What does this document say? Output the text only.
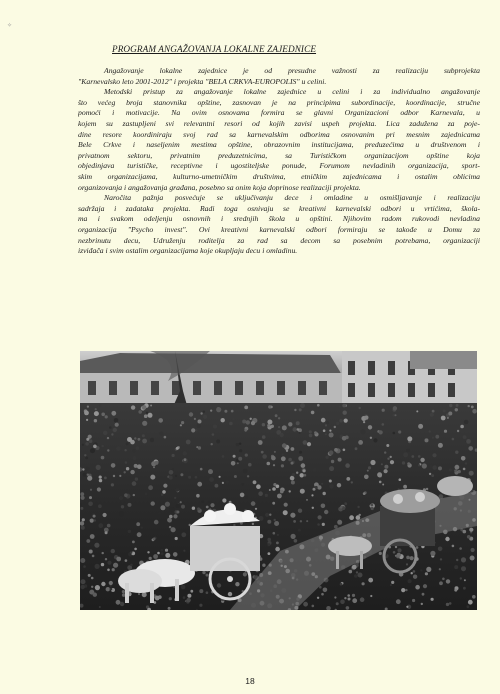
✧
PROGRAM ANGAŽOVANJA LOKALNE ZAJEDNICE
Angažovanje lokalne zajednice je od presudne važnosti za realizaciju subprojekta
"Karnevalsko leto 2001-2012" i projekta "BELA CRKVA-EUROPOLIS" u celini.
Metodski pristup za angažovanje lokalne zajednice u celini i za individualno angažovanje
što većeg broja stanovnika opštine, zasnovan je na principima subordinacije, koordinacije, stručne
pomoći i motivacije. Na ovim osnovama formira se glavni Organizacioni odbor Karnevala, u
kojem su zastupljeni svi relevantni resori od kojih zavisi uspeh projekta. Lica zadužena za poje-
dine resore koordiniraju svoj rad sa karnevalskim odborima osnovanim pri mesnim zajednicama
Bele Crkve i naseljenim mestima opštine, obrazovnim institucijama, preduzećima u društvenom i
privatnom sektoru, privatnim preduzetnicima, sa Turističkom organizacijom opštine koja
objedinjava turističke, receptivne i ugostiteljske ponude, Forumom nevladinih organizacija, sport-
skim organizacijama, kulturno-umetničkim društvima, etničkim zajednicama i ostalim oblicima
organizovanja i angažovanja građana, posebno sa onim koja doprinose realizaciji projekta.
Naročita pažnja posvećuje se uključivanju dece i omladine u osmišljavanje i realizaciju
sadržaja i zadataka projekta. Radi toga osnivaju se kreativni karnevalski odbori u vrtićima, škola-
ma i svakom odeljenju osnovnih i srednjih škola u opštini. Njihovim radom rukovodi nevladina
organizacija "Psycho invest". Ovi kreativni karnevalski odbori formiraju se takođe u Domu za
nezbrinutu decu, Udruženju roditelja za rad sa decom sa posebnim potrebama, organizaciji
izviđača i svim ostalim organizacijama koje okupljaju decu i omladinu.
18
